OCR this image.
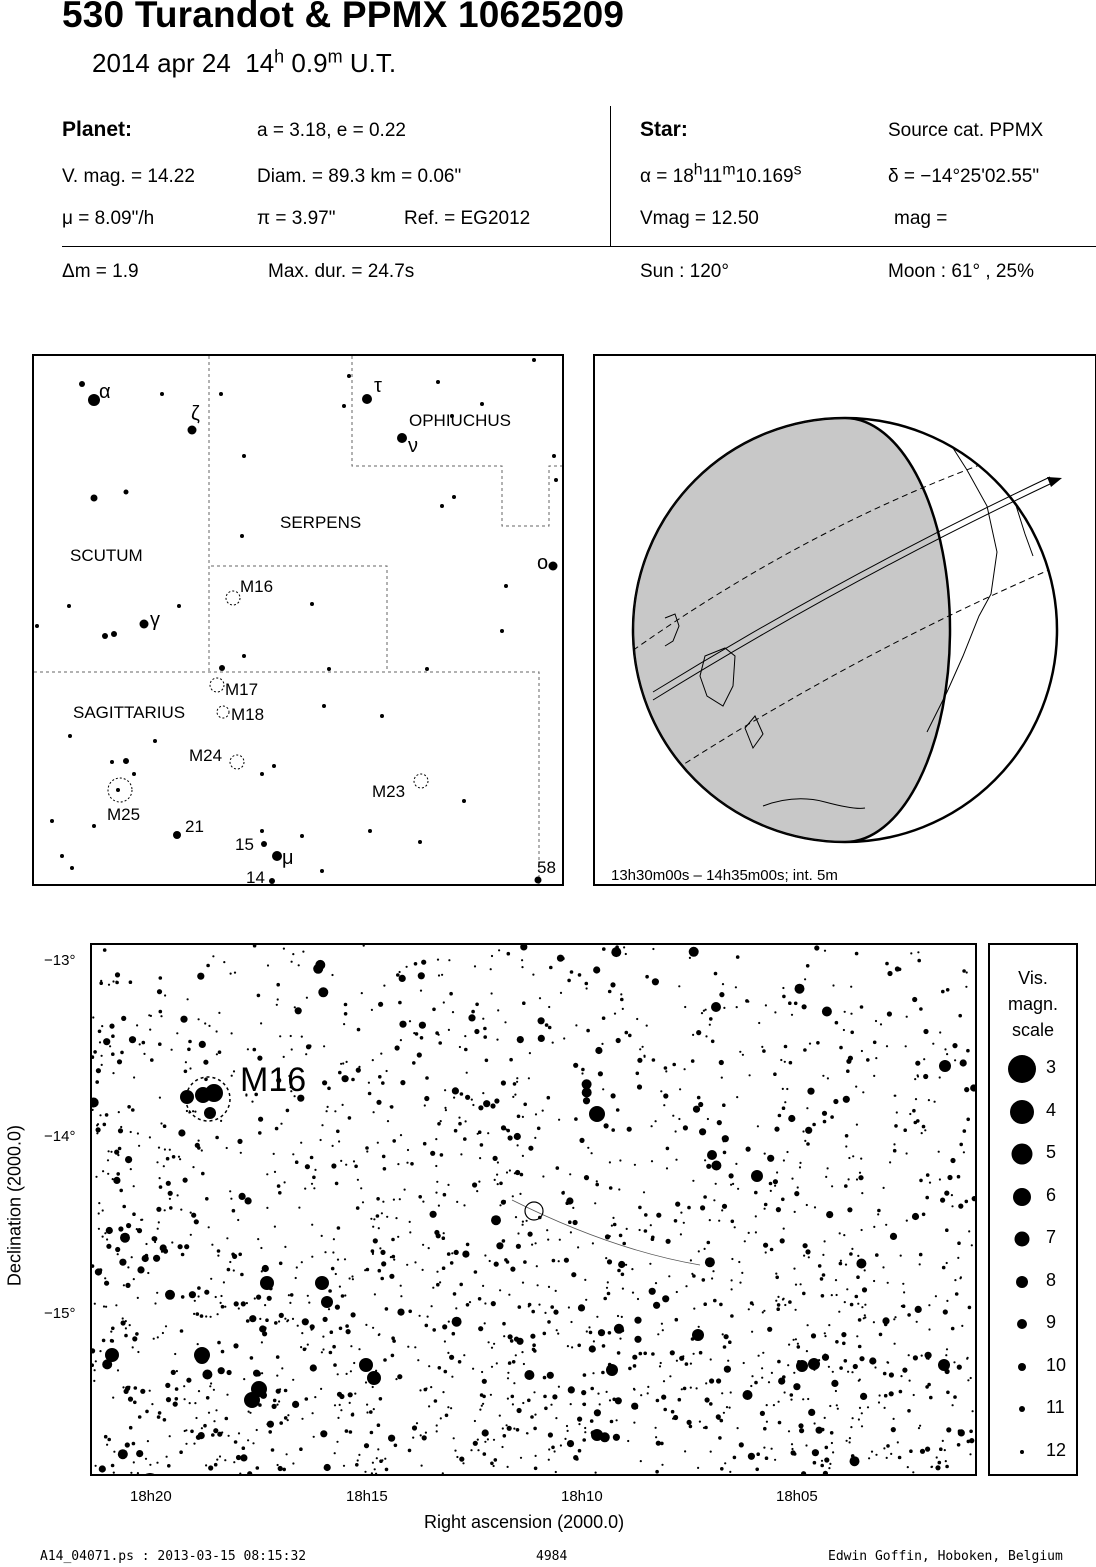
530 Turandot & PPMX 10625209
2014 apr 24 14$^h$ 0.9$^m$ U.T.
Planet:	a = 3.18, e = 0.22
V. mag. = 14.22	Diam. = 89.3 km = 0.06"
μ = 8.09"/h	π = 3.97"	Ref. = EG2012
Star:	Source cat. PPMX
$\alpha = 18^h11^m10.169^s$	δ = −14°25'02.55"
Vmag = 12.50	mag =
Δm = 1.9	Max. dur. = 24.7s	Sun : 120°	Moon : 61° , 25%
OPHIUCHUS
SERPENS
SCUTUM
SAGITTARIUS
M16
M17
M18
M24
M25
M23
21
15
14
58
α
ζ
τ
ν
o
γ
μ
13h30m00s – 14h35m00s; int. 5m
M16
−13°
−14°
−15°
18h20	18h15	18h10	18h05
Right ascension (2000.0)
Declination (2000.0)
Vis.
magn.
scale
3
4
5
6
7
8
9
10
11
12
A14_04071.ps : 2013-03-15 08:15:32	4984	Edwin Goffin, Hoboken, Belgium
